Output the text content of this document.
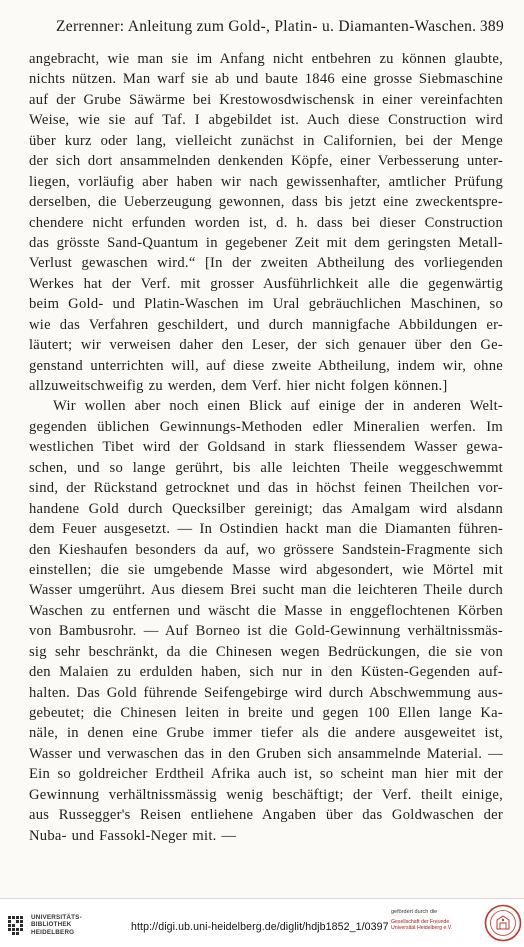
Zerrenner: Anleitung zum Gold-, Platin- u. Diamanten-Waschen. 389
angebracht, wie man sie im Anfang nicht entbehren zu können glaubte,
nichts nützen. Man warf sie ab und baute 1846 eine grosse Siebmaschine
auf der Grube Säwärme bei Krestowosdwischensk in einer vereinfachten
Weise, wie sie auf Taf. I abgebildet ist. Auch diese Construction wird
über kurz oder lang, vielleicht zunächst in Californien, bei der Menge
der sich dort ansammelnden denkenden Köpfe, einer Verbesserung unter-
liegen, vorläufig aber haben wir nach gewissenhafter, amtlicher Prüfung
derselben, die Ueberzeugung gewonnen, dass bis jetzt eine zweckentspre-
chendere nicht erfunden worden ist, d. h. dass bei dieser Construction
das grösste Sand-Quantum in gegebener Zeit mit dem geringsten Metall-
Verlust gewaschen wird.“ [In der zweiten Abtheilung des vorliegenden
Werkes hat der Verf. mit grosser Ausführlichkeit alle die gegenwärtig
beim Gold- und Platin-Waschen im Ural gebräuchlichen Maschinen, so
wie das Verfahren geschildert, und durch mannigfache Abbildungen er-
läutert; wir verweisen daher den Leser, der sich genauer über den Ge-
genstand unterrichten will, auf diese zweite Abtheilung, indem wir, ohne
allzuweitschweifig zu werden, dem Verf. hier nicht folgen können.]
Wir wollen aber noch einen Blick auf einige der in anderen Welt-
gegenden üblichen Gewinnungs-Methoden edler Mineralien werfen. Im
westlichen Tibet wird der Goldsand in stark fliessendem Wasser gewa-
schen, und so lange gerührt, bis alle leichten Theile weggeschwemmt
sind, der Rückstand getrocknet und das in höchst feinen Theilchen vor-
handene Gold durch Quecksilber gereinigt; das Amalgam wird alsdann
dem Feuer ausgesetzt. — In Ostindien hackt man die Diamanten führen-
den Kieshaufen besonders da auf, wo grössere Sandstein-Fragmente sich
einstellen; die sie umgebende Masse wird abgesondert, wie Mörtel mit
Wasser umgerührt. Aus diesem Brei sucht man die leichteren Theile durch
Waschen zu entfernen und wäscht die Masse in enggeflochtenen Körben
von Bambusrohr. — Auf Borneo ist die Gold-Gewinnung verhältnissmäs-
sig sehr beschränkt, da die Chinesen wegen Bedrückungen, die sie von
den Malaien zu erdulden haben, sich nur in den Küsten-Gegenden auf-
halten. Das Gold führende Seifengebirge wird durch Abschwemmung aus-
gebeutet; die Chinesen leiten in breite und gegen 100 Ellen lange Ka-
näle, in denen eine Grube immer tiefer als die andere ausgeweitet ist,
Wasser und verwaschen das in den Gruben sich ansammelnde Material. —
Ein so goldreicher Erdtheil Afrika auch ist, so scheint man hier mit der
Gewinnung verhältnissmässig wenig beschäftigt; der Verf. theilt einige,
aus Russegger's Reisen entliehene Angaben über das Goldwaschen der
Nuba- und Fassokl-Neger mit. —
UNIVERSITÄTS-
BIBLIOTHEK
HEIDELBERG	http://digi.ub.uni-heidelberg.de/diglit/hdjb1852_1/0397
gefördert durch die
Gesellschaft der Freunde
Universität Heidelberg e.V.
